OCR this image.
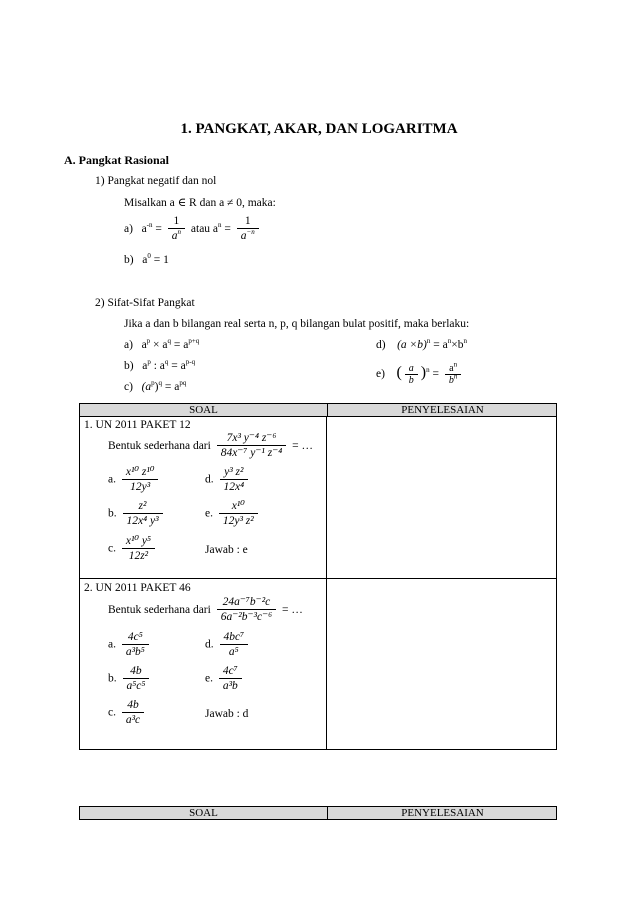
1. PANGKAT, AKAR, DAN LOGARITMA
A. Pangkat Rasional
1) Pangkat negatif dan nol
Misalkan a ∈ R dan a ≠ 0, maka:
a) $a^{-n} = \frac{1}{a^n}$ atau $a^n = \frac{1}{a^{-n}}$
b) $a^0 = 1$
2) Sifat-Sifat Pangkat
Jika a dan b bilangan real serta n, p, q bilangan bulat positif, maka berlaku:
a) $a^p \times a^q = a^{p+q}$
b) $a^p$ : $a^q = a^{p-q}$
c) $(a^p)^q = a^{pq}$
d) $(a \times b)^n = a^n\times b^n$
e) ( $\frac{a}{b} )^n = \frac{a^n}{b^n}$
SOAL	PENYELESAIAN
1. UN 2011 PAKET 12
Bentuk sederhana dari $\frac{\text{7x³ y⁻⁴ z⁻⁶}}{\text{84x⁻⁷ y⁻¹ z⁻⁴}}$ = …
a. $\frac{\text{x¹⁰ z¹⁰}}{\text{12y³}}$	d. $\frac{\text{y³ z²}}{\text{12x⁴}}$
b. $\frac{\text{z²}}{\text{12x⁴ y³}}$	e. $\frac{\text{x¹⁰}}{\text{12y³ z²}}$
c. $\frac{\text{x¹⁰ y⁵}}{\text{12z²}}$	Jawab : e
2. UN 2011 PAKET 46
Bentuk sederhana dari $\frac{\text{24a⁻⁷b⁻²c}}{\text{6a⁻²b⁻³c⁻⁶}}$ = …
a. $\frac{\text{4c⁵}}{\text{a³b⁵}}$	d. $\frac{\text{4bc⁷}}{\text{a⁵}}$
b. $\frac{4b}{\text{a⁵c⁵}}$	e. $\frac{\text{4c⁷}}{\text{a³b}}$
c. $\frac{4b}{\text{a³c}}$	Jawab : d
SOAL	PENYELESAIAN
